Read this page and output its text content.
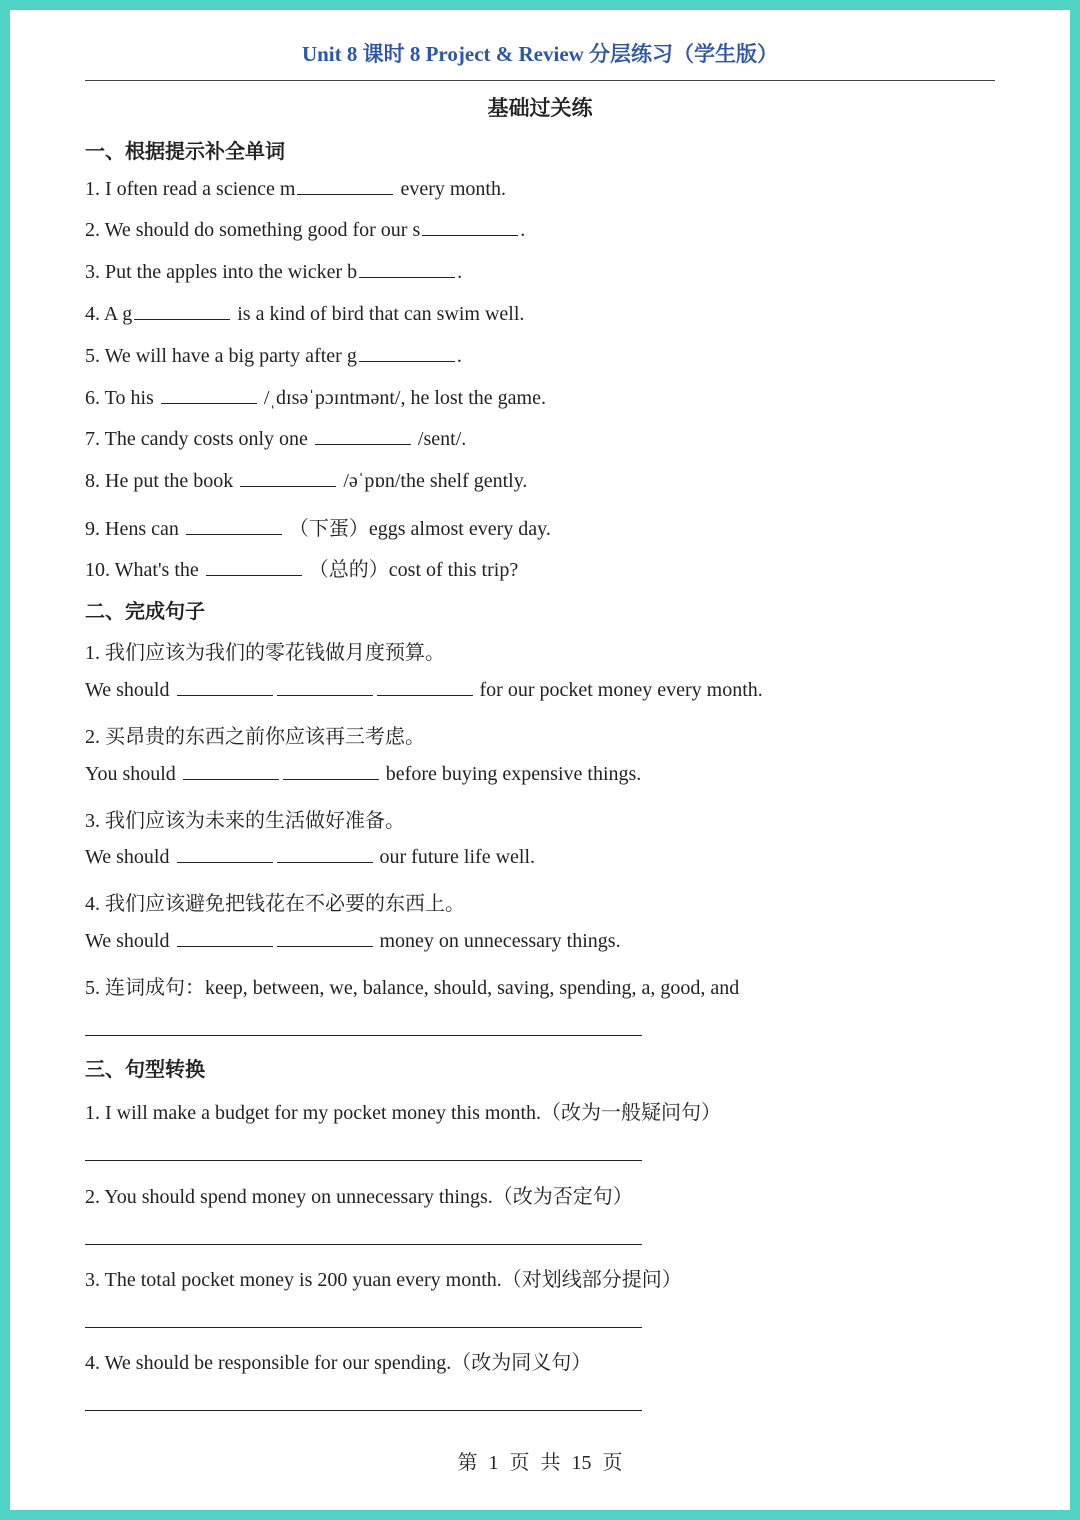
Unit 8 课时 8 Project & Review 分层练习（学生版）
基础过关练
一、根据提示补全单词
1. I often read a science m	every month.
2. We should do something good for our s	.
3. Put the apples into the wicker b	.
4. A g	is a kind of bird that can swim well.
5. We will have a big party after g	.
6. To his	/ˌdɪsəˈpɔɪntmənt/, he lost the game.
7. The candy costs only one	/sent/.
8. He put the book	/əˈpɒn/the shelf gently.
9. Hens can	（下蛋）eggs almost every day.
10. What's the	（总的）cost of this trip?
二、完成句子
1. 我们应该为我们的零花钱做月度预算。
We should	for our pocket money every month.
2. 买昂贵的东西之前你应该再三考虑。
You should	before buying expensive things.
3. 我们应该为未来的生活做好准备。
We should	our future life well.
4. 我们应该避免把钱花在不必要的东西上。
We should	money on unnecessary things.
5. 连词成句：keep, between, we, balance, should, saving, spending, a, good, and
三、句型转换
1. I will make a budget for my pocket money this month.（改为一般疑问句）
2. You should spend money on unnecessary things.（改为否定句）
3. The total pocket money is 200 yuan every month.（对划线部分提问）
4. We should be responsible for our spending.（改为同义句）
第 1 页 共 15 页
